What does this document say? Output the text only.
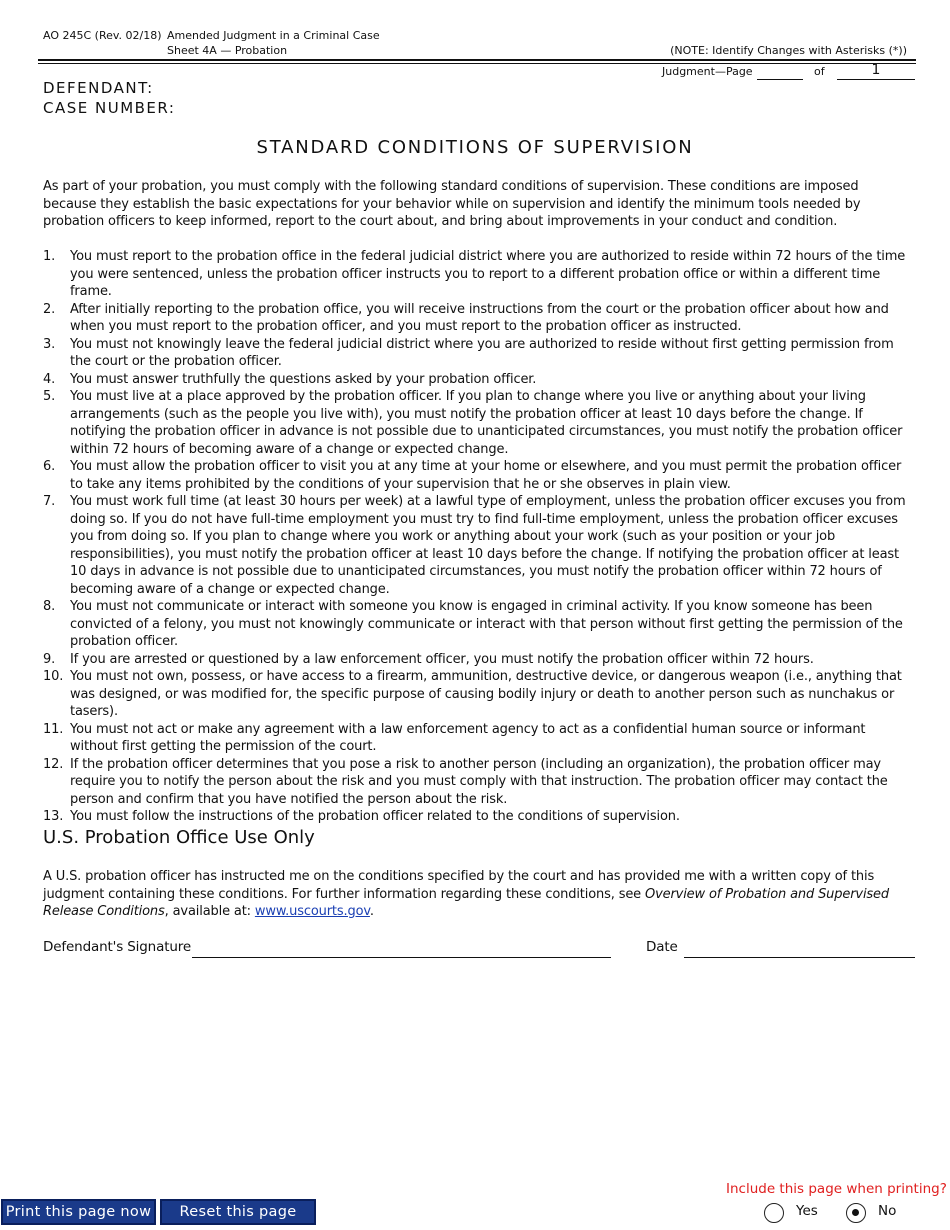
AO 245C (Rev. 02/18) Amended Judgment in a Criminal Case
Sheet 4A — Probation	(NOTE: Identify Changes with Asterisks (*))
Judgment—Page	of	1
DEFENDANT:
CASE NUMBER:
STANDARD CONDITIONS OF SUPERVISION
As part of your probation, you must comply with the following standard conditions of supervision. These conditions are imposed because they establish the basic expectations for your behavior while on supervision and identify the minimum tools needed by probation officers to keep informed, report to the court about, and bring about improvements in your conduct and condition.
1. You must report to the probation office in the federal judicial district where you are authorized to reside within 72 hours of the time you were sentenced, unless the probation officer instructs you to report to a different probation office or within a different time frame.
2. After initially reporting to the probation office, you will receive instructions from the court or the probation officer about how and when you must report to the probation officer, and you must report to the probation officer as instructed.
3. You must not knowingly leave the federal judicial district where you are authorized to reside without first getting permission from the court or the probation officer.
4. You must answer truthfully the questions asked by your probation officer.
5. You must live at a place approved by the probation officer. If you plan to change where you live or anything about your living arrangements (such as the people you live with), you must notify the probation officer at least 10 days before the change. If notifying the probation officer in advance is not possible due to unanticipated circumstances, you must notify the probation officer within 72 hours of becoming aware of a change or expected change.
6. You must allow the probation officer to visit you at any time at your home or elsewhere, and you must permit the probation officer to take any items prohibited by the conditions of your supervision that he or she observes in plain view.
7. You must work full time (at least 30 hours per week) at a lawful type of employment, unless the probation officer excuses you from doing so. If you do not have full-time employment you must try to find full-time employment, unless the probation officer excuses you from doing so. If you plan to change where you work or anything about your work (such as your position or your job responsibilities), you must notify the probation officer at least 10 days before the change. If notifying the probation officer at least 10 days in advance is not possible due to unanticipated circumstances, you must notify the probation officer within 72 hours of becoming aware of a change or expected change.
8. You must not communicate or interact with someone you know is engaged in criminal activity. If you know someone has been convicted of a felony, you must not knowingly communicate or interact with that person without first getting the permission of the probation officer.
9. If you are arrested or questioned by a law enforcement officer, you must notify the probation officer within 72 hours.
10. You must not own, possess, or have access to a firearm, ammunition, destructive device, or dangerous weapon (i.e., anything that was designed, or was modified for, the specific purpose of causing bodily injury or death to another person such as nunchakus or tasers).
11. You must not act or make any agreement with a law enforcement agency to act as a confidential human source or informant without first getting the permission of the court.
12. If the probation officer determines that you pose a risk to another person (including an organization), the probation officer may require you to notify the person about the risk and you must comply with that instruction. The probation officer may contact the person and confirm that you have notified the person about the risk.
13. You must follow the instructions of the probation officer related to the conditions of supervision.
U.S. Probation Office Use Only
A U.S. probation officer has instructed me on the conditions specified by the court and has provided me with a written copy of this judgment containing these conditions. For further information regarding these conditions, see Overview of Probation and Supervised Release Conditions, available at: www.uscourts.gov.
Defendant's Signature	Date
Print this page now	Reset this page
Include this page when printing?
Yes	No
